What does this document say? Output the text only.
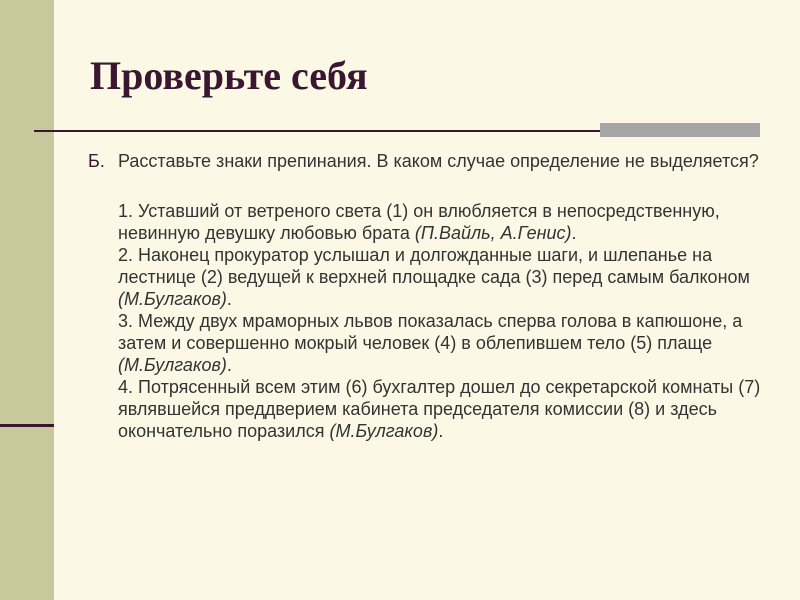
Проверьте себя
Б. Расставьте знаки препинания. В каком случае определение не выделяется?
1. Уставший от ветреного света (1) он влюбляется в непосредственную, невинную девушку любовью брата (П.Вайль, А.Генис).
2. Наконец прокуратор услышал и долгожданные шаги, и шлепанье на лестнице (2) ведущей к верхней площадке сада (3) перед самым балконом (М.Булгаков).
3. Между двух мраморных львов показалась сперва голова в капюшоне, а затем и совершенно мокрый человек (4) в облепившем тело (5) плаще (М.Булгаков).
4. Потрясенный всем этим (6) бухгалтер дошел до секретарской комнаты (7) являвшейся преддверием кабинета председателя комиссии (8) и здесь окончательно поразился (М.Булгаков).
